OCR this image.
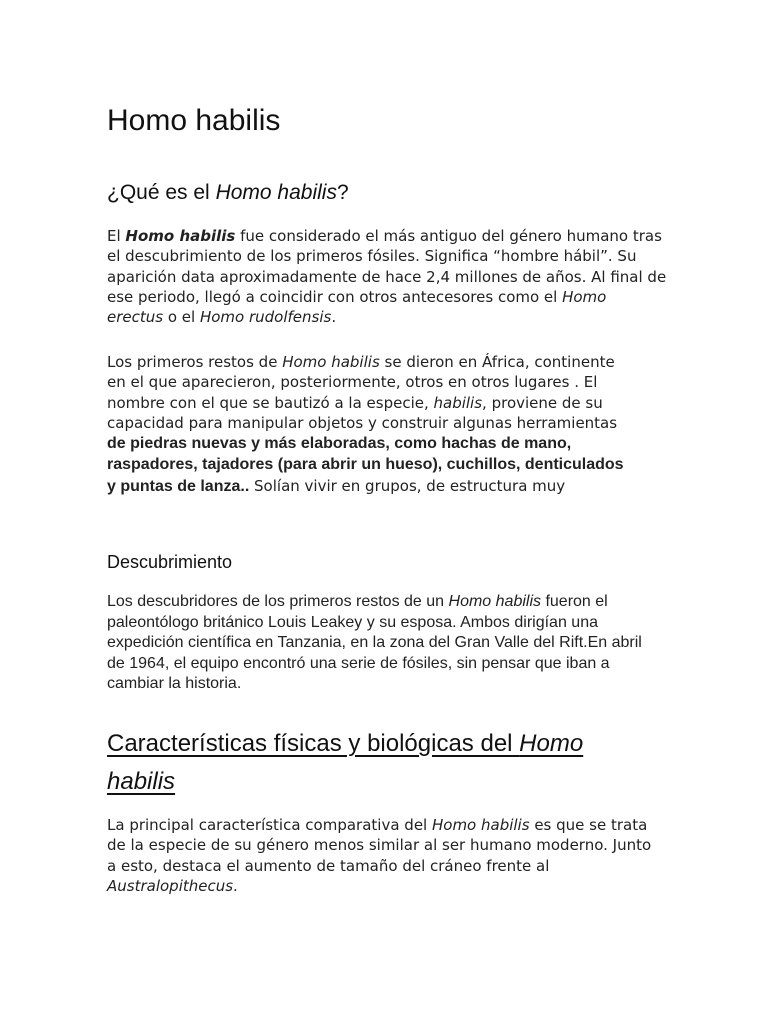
Homo habilis
¿Qué es el Homo habilis?

El Homo habilis fue considerado el más antiguo del género humano tras el descubrimiento de los primeros fósiles. Significa “hombre hábil”. Su aparición data aproximadamente de hace 2,4 millones de años. Al final de ese periodo, llegó a coincidir con otros antecesores como el Homo erectus o el Homo rudolfensis.

Los primeros restos de Homo habilis se dieron en África, continente en el que aparecieron, posteriormente, otros en otros lugares . El nombre con el que se bautizó a la especie, habilis, proviene de su capacidad para manipular objetos y construir algunas herramientas de piedras nuevas y más elaboradas, como hachas de mano, raspadores, tajadores (para abrir un hueso), cuchillos, denticulados y puntas de lanza.. Solían vivir en grupos, de estructura muy

Descubrimiento

Los descubridores de los primeros restos de un Homo habilis fueron el paleontólogo británico Louis Leakey y su esposa. Ambos dirigían una expedición científica en Tanzania, en la zona del Gran Valle del Rift.En abril de 1964, el equipo encontró una serie de fósiles, sin pensar que iban a cambiar la historia.

Características físicas y biológicas del Homo habilis

La principal característica comparativa del Homo habilis es que se trata de la especie de su género menos similar al ser humano moderno. Junto a esto, destaca el aumento de tamaño del cráneo frente al Australopithecus.
